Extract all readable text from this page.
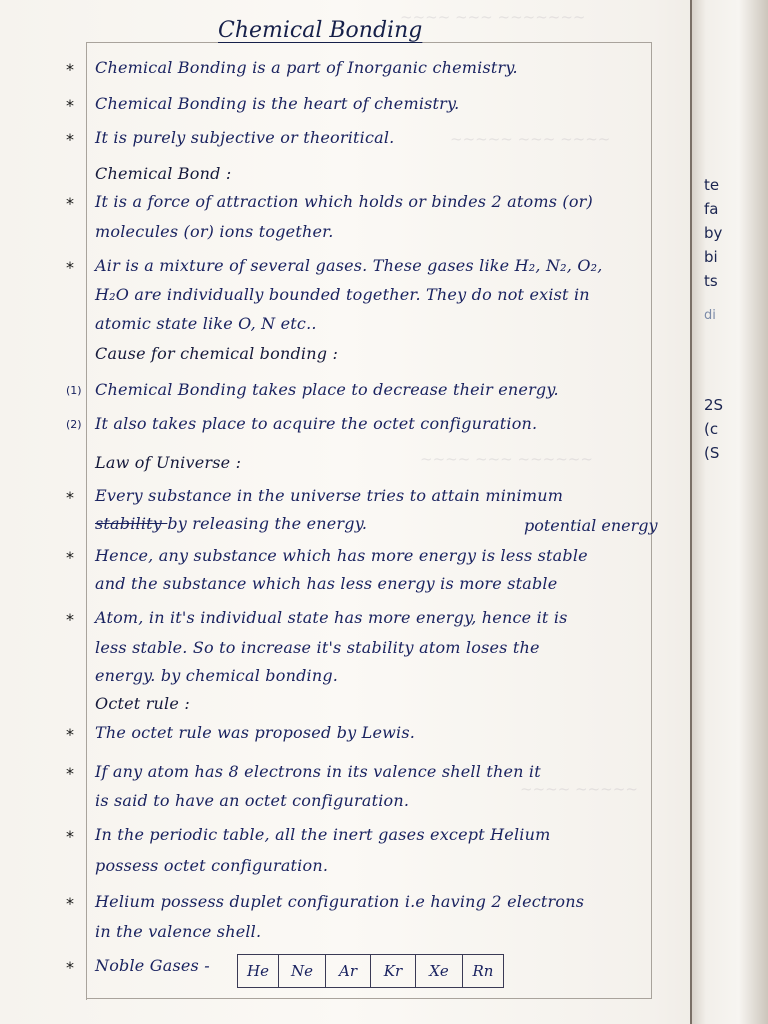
~~~~ ~~~ ~~~~~~~
~~~~~ ~~~ ~~~~
~~~~ ~~~ ~~~~~~
~~~~ ~~~~~
Chemical Bonding
* Chemical Bonding is a part of Inorganic chemistry.
* Chemical Bonding is the heart of chemistry.
* It is purely subjective or theoritical.
Chemical Bond :
* It is a force of attraction which holds or bindes 2 atoms (or)
molecules (or) ions together.
* Air is a mixture of several gases. These gases like H₂, N₂, O₂,
H₂O are individually bounded together. They do not exist in
atomic state like O, N etc..
Cause for chemical bonding :
(1) Chemical Bonding takes place to decrease their energy.
(2) It also takes place to acquire the octet configuration.
Law of Universe :
* Every substance in the universe tries to attain minimum
stability by releasing the energy.
* Hence, any substance which has more energy is less stable
and the substance which has less energy is more stable
* Atom, in it's individual state has more energy, hence it is
less stable. So to increase it's stability atom loses the
energy. by chemical bonding.
Octet rule :
* The octet rule was proposed by Lewis.
* If any atom has 8 electrons in its valence shell then it
is said to have an octet configuration.
* In the periodic table, all the inert gases except Helium
possess octet configuration.
* Helium possess duplet configuration i.e having 2 electrons
in the valence shell.
* Noble Gases -
potential energy
He	Ne	Ar	Kr	Xe	Rn
te
fa
by
bi
ts
di
2S
(c
(S
